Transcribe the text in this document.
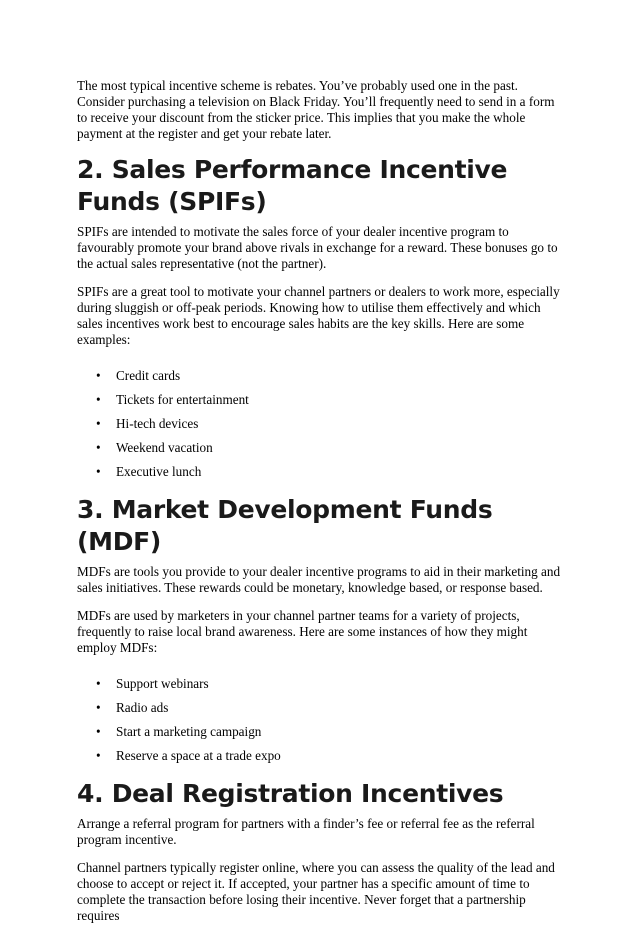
The most typical incentive scheme is rebates. You’ve probably used one in the past. Consider purchasing a television on Black Friday. You’ll frequently need to send in a form to receive your discount from the sticker price. This implies that you make the whole payment at the register and get your rebate later.

2. Sales Performance Incentive Funds (SPIFs)

SPIFs are intended to motivate the sales force of your dealer incentive program to favourably promote your brand above rivals in exchange for a reward. These bonuses go to the actual sales representative (not the partner).

SPIFs are a great tool to motivate your channel partners or dealers to work more, especially during sluggish or off-peak periods. Knowing how to utilise them effectively and which sales incentives work best to encourage sales habits are the key skills. Here are some examples:

• Credit cards
• Tickets for entertainment
• Hi-tech devices
• Weekend vacation
• Executive lunch
3. Market Development Funds (MDF)

MDFs are tools you provide to your dealer incentive programs to aid in their marketing and sales initiatives. These rewards could be monetary, knowledge based, or response based.

MDFs are used by marketers in your channel partner teams for a variety of projects, frequently to raise local brand awareness. Here are some instances of how they might employ MDFs:

• Support webinars
• Radio ads
• Start a marketing campaign
• Reserve a space at a trade expo
4. Deal Registration Incentives

Arrange a referral program for partners with a finder’s fee or referral fee as the referral program incentive.

Channel partners typically register online, where you can assess the quality of the lead and choose to accept or reject it. If accepted, your partner has a specific amount of time to complete the transaction before losing their incentive. Never forget that a partnership requires
